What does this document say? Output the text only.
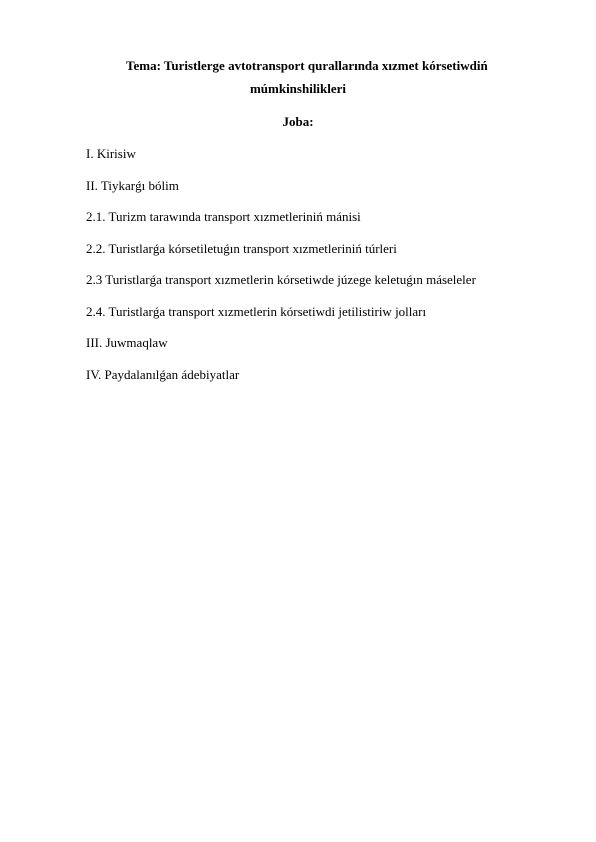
Tema: Turistlerge avtotransport qurallarında xızmet kórsetiwdiń
múmkinshilikleri
Joba:
I. Kirisiw
II. Tiykarǵı bólim
2.1. Turizm tarawında transport xızmetleriniń mánisi
2.2. Turistlarǵa kórsetiletuǵın transport xızmetleriniń túrleri
2.3 Turistlarǵa transport xızmetlerin kórsetiwde júzege keletuǵın máseleler
2.4. Turistlarǵa transport xızmetlerin kórsetiwdi jetilistiriw jolları
III. Juwmaqlaw
IV. Paydalanılǵan ádebiyatlar
